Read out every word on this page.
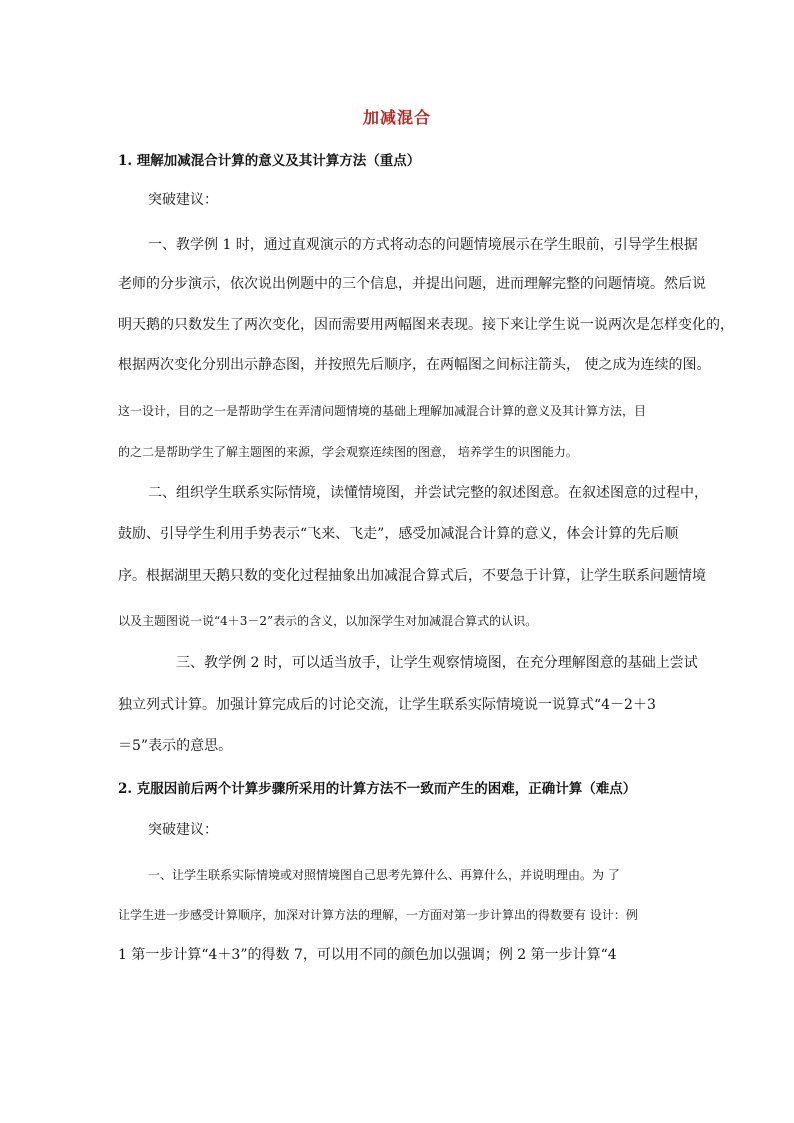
加减混合
1. 理解加减混合计算的意义及其计算方法（重点）
突破建议：
一、教学例 1 时，通过直观演示的方式将动态的问题情境展示在学生眼前，引导学生根据
老师的分步演示，依次说出例题中的三个信息，并提出问题，进而理解完整的问题情境。然后说
明天鹅的只数发生了两次变化，因而需要用两幅图来表现。接下来让学生说一说两次是怎样变化的，
根据两次变化分别出示静态图，并按照先后顺序，在两幅图之间标注箭头， 使之成为连续的图。
这一设计，目的之一是帮助学生在弄清问题情境的基础上理解加减混合计算的意义及其计算方法，目
的之二是帮助学生了解主题图的来源，学会观察连续图的图意， 培养学生的识图能力。
二、组织学生联系实际情境，读懂情境图，并尝试完整的叙述图意。在叙述图意的过程中，
鼓励、引导学生利用手势表示“飞来、飞走”，感受加减混合计算的意义，体会计算的先后顺
序。根据湖里天鹅只数的变化过程抽象出加减混合算式后，不要急于计算，让学生联系问题情境
以及主题图说一说“4＋3－2”表示的含义，以加深学生对加减混合算式的认识。
三、教学例 2 时，可以适当放手，让学生观察情境图，在充分理解图意的基础上尝试
独立列式计算。加强计算完成后的讨论交流，让学生联系实际情境说一说算式“4－2＋3
＝5”表示的意思。
2. 克服因前后两个计算步骤所采用的计算方法不一致而产生的困难，正确计算（难点）
突破建议：
一、让学生联系实际情境或对照情境图自己思考先算什么、再算什么，并说明理由。为 了
让学生进一步感受计算顺序，加深对计算方法的理解，一方面对第一步计算出的得数要有 设计：例
1 第一步计算“4＋3”的得数 7，可以用不同的颜色加以强调；例 2 第一步计算“4
